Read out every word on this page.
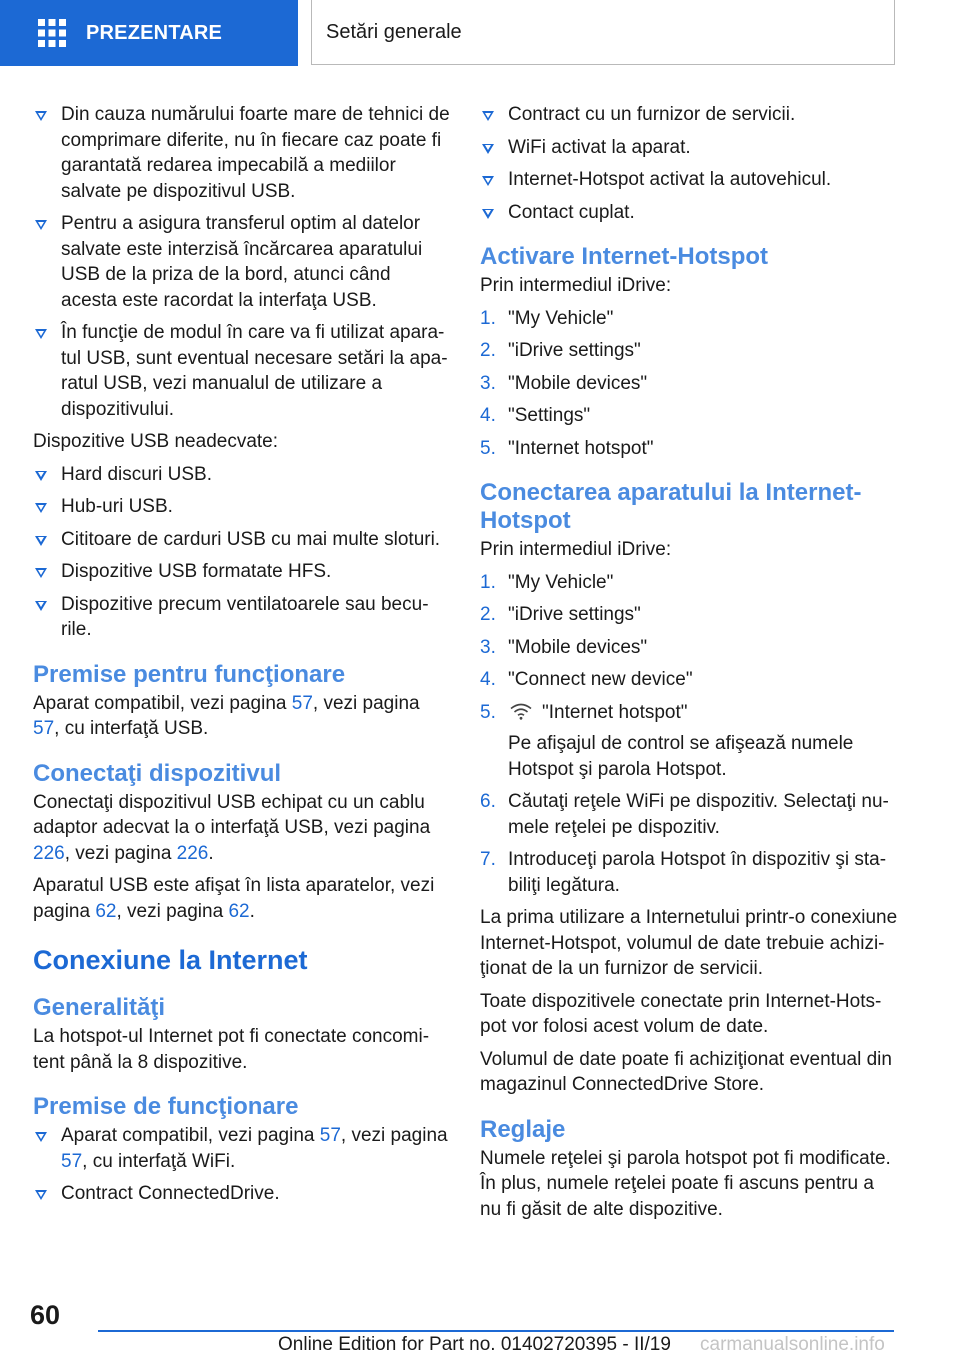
PREZENTARE	Setări generale
Din cauza numărului foarte mare de tehnici de comprimare diferite, nu în fiecare caz poate fi garantată redarea impecabilă a mediilor salvate pe dispozitivul USB.
Pentru a asigura transferul optim al datelor salvate este interzisă încărcarea aparatului USB de la priza de la bord, atunci când acesta este racordat la interfaţa USB.
În funcţie de modul în care va fi utilizat aparatul USB, sunt eventual necesare setări la aparatul USB, vezi manualul de utilizare a dispozitivului.

Dispozitive USB neadecvate:

Hard discuri USB.
Hub-uri USB.
Cititoare de carduri USB cu mai multe sloturi.
Dispozitive USB formatate HFS.
Dispozitive precum ventilatoarele sau becurile.
Premise pentru funcţionare

Aparat compatibil, vezi pagina 57, vezi pagina 57, cu interfaţă USB.

Conectaţi dispozitivul

Conectaţi dispozitivul USB echipat cu un cablu adaptor adecvat la o interfaţă USB, vezi pagina 226, vezi pagina 226.

Aparatul USB este afişat în lista aparatelor, vezi pagina 62, vezi pagina 62.

Conexiune la Internet
Generalităţi

La hotspot-ul Internet pot fi conectate concomitent până la 8 dispozitive.

Premise de funcţionare
Aparat compatibil, vezi pagina 57, vezi pagina 57, cu interfaţă WiFi.
Contract ConnectedDrive.
Contract cu un furnizor de servicii.
WiFi activat la aparat.
Internet-Hotspot activat la autovehicul.
Contact cuplat.
Activare Internet-Hotspot

Prin intermediul iDrive:

1. "My Vehicle"
2. "iDrive settings"
3. "Mobile devices"
4. "Settings"
5. "Internet hotspot"
Conectarea aparatului la Internet-Hotspot

Prin intermediul iDrive:

1. "My Vehicle"
2. "iDrive settings"
3. "Mobile devices"
4. "Connect new device"
5. "Internet hotspot"
Pe afişajul de control se afişează numele Hotspot şi parola Hotspot.
6. Căutaţi reţele WiFi pe dispozitiv. Selectaţi numele reţelei pe dispozitiv.
7. Introduceţi parola Hotspot în dispozitiv şi stabiliţi legătura.

La prima utilizare a Internetului printr-o conexiune Internet-Hotspot, volumul de date trebuie achiziţionat de la un furnizor de servicii.

Toate dispozitivele conectate prin Internet-Hotspot vor folosi acest volum de date.

Volumul de date poate fi achiziţionat eventual din magazinul ConnectedDrive Store.

Reglaje

Numele reţelei şi parola hotspot pot fi modificate. În plus, numele reţelei poate fi ascuns pentru a nu fi găsit de alte dispozitive.

60
Online Edition for Part no. 01402720395 - II/19 carmanualsonline.info
